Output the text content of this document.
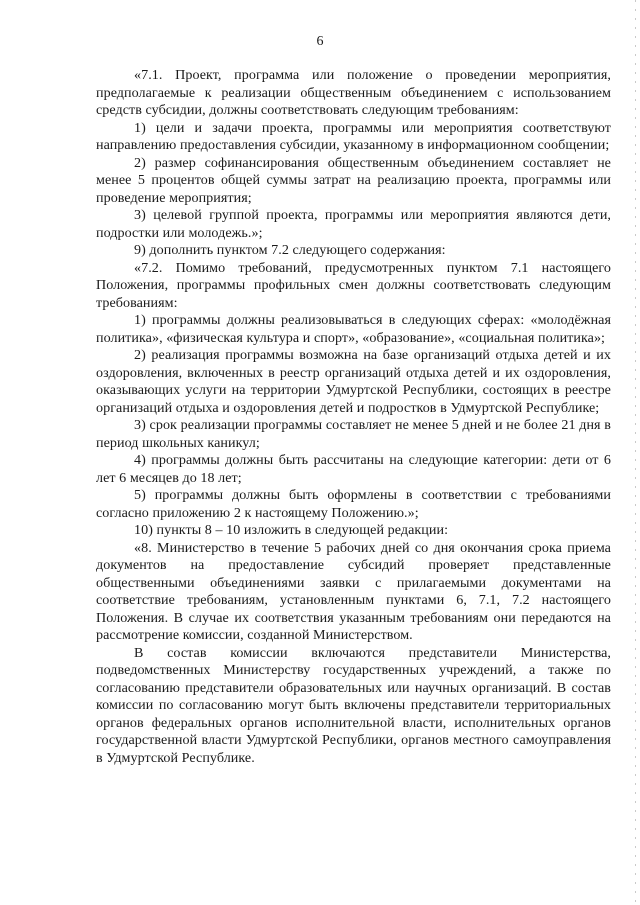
6

«7.1. Проект, программа или положение о проведении мероприятия, предполагаемые к реализации общественным объединением с использованием средств субсидии, должны соответствовать следующим требованиям:

1) цели и задачи проекта, программы или мероприятия соответствуют направлению предоставления субсидии, указанному в информационном сообщении;

2) размер софинансирования общественным объединением составляет не менее 5 процентов общей суммы затрат на реализацию проекта, программы или проведение мероприятия;

3) целевой группой проекта, программы или мероприятия являются дети, подростки или молодежь.»;

9) дополнить пунктом 7.2 следующего содержания:

«7.2. Помимо требований, предусмотренных пунктом 7.1 настоящего Положения, программы профильных смен должны соответствовать следующим требованиям:

1) программы должны реализовываться в следующих сферах: «молодёжная политика», «физическая культура и спорт», «образование», «социальная политика»;

2) реализация программы возможна на базе организаций отдыха детей и их оздоровления, включенных в реестр организаций отдыха детей и их оздоровления, оказывающих услуги на территории Удмуртской Республики, состоящих в реестре организаций отдыха и оздоровления детей и подростков в Удмуртской Республике;

3) срок реализации программы составляет не менее 5 дней и не более 21 дня в период школьных каникул;

4) программы должны быть рассчитаны на следующие категории: дети от 6 лет 6 месяцев до 18 лет;

5) программы должны быть оформлены в соответствии с требованиями согласно приложению 2 к настоящему Положению.»;

10) пункты 8 – 10 изложить в следующей редакции:

«8. Министерство в течение 5 рабочих дней со дня окончания срока приема документов на предоставление субсидий проверяет представленные общественными объединениями заявки с прилагаемыми документами на соответствие требованиям, установленным пунктами 6, 7.1, 7.2 настоящего Положения. В случае их соответствия указанным требованиям они передаются на рассмотрение комиссии, созданной Министерством.

В состав комиссии включаются представители Министерства, подведомственных Министерству государственных учреждений, а также по согласованию представители образовательных или научных организаций. В состав комиссии по согласованию могут быть включены представители территориальных органов федеральных органов исполнительной власти, исполнительных органов государственной власти Удмуртской Республики, органов местного самоуправления в Удмуртской Республике.
